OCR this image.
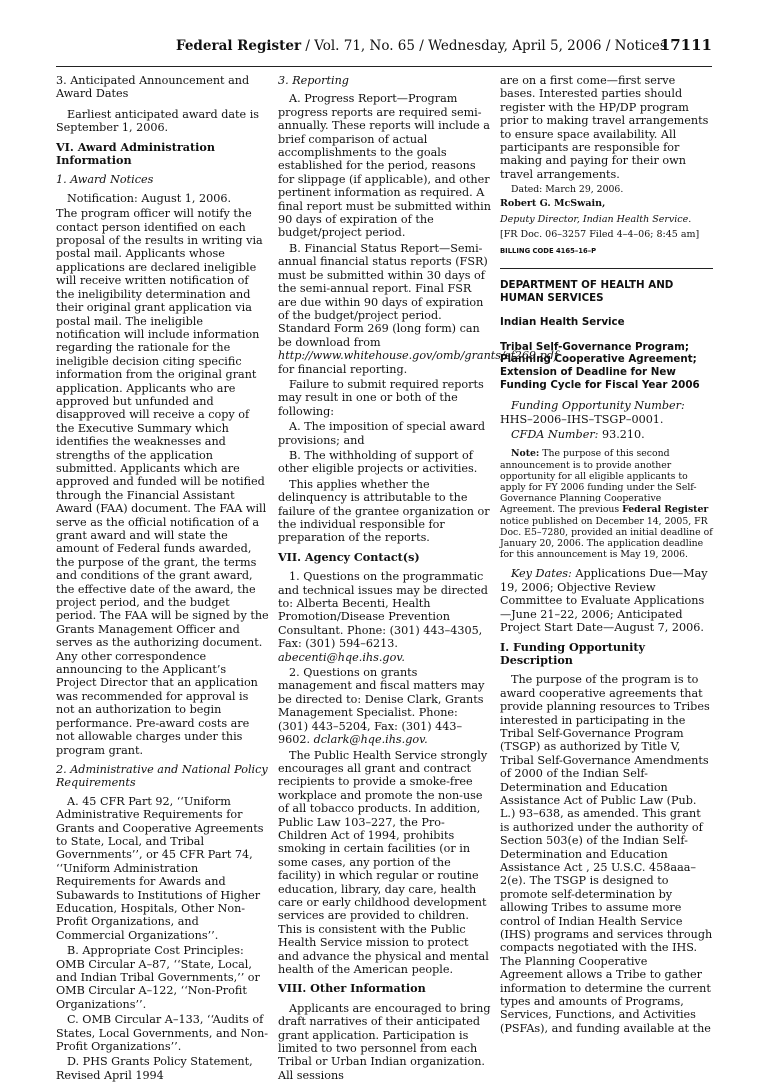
Federal Register / Vol. 71, No. 65 / Wednesday, April 5, 2006 / Notices
17111

3. Anticipated Announcement and Award Dates

Earliest anticipated award date is September 1, 2006.

VI. Award Administration Information

1. Award Notices

Notification: August 1, 2006.

The program officer will notify the contact person identified on each proposal of the results in writing via postal mail. Applicants whose applications are declared ineligible will receive written notification of the ineligibility determination and their original grant application via postal mail. The ineligible notification will include information regarding the rationale for the ineligible decision citing specific information from the original grant application. Applicants who are approved but unfunded and disapproved will receive a copy of the Executive Summary which identifies the weaknesses and strengths of the application submitted. Applicants which are approved and funded will be notified through the Financial Assistant Award (FAA) document. The FAA will serve as the official notification of a grant award and will state the amount of Federal funds awarded, the purpose of the grant, the terms and conditions of the grant award, the effective date of the award, the project period, and the budget period. The FAA will be signed by the Grants Management Officer and serves as the authorizing document. Any other correspondence announcing to the Applicant’s Project Director that an application was recommended for approval is not an authorization to begin performance. Pre-award costs are not allowable charges under this program grant.

2. Administrative and National Policy Requirements

A. 45 CFR Part 92, ‘‘Uniform Administrative Requirements for Grants and Cooperative Agreements to State, Local, and Tribal Governments’’, or 45 CFR Part 74, ‘‘Uniform Administration Requirements for Awards and Subawards to Institutions of Higher Education, Hospitals, Other Non-Profit Organizations, and Commercial Organizations’’.

B. Appropriate Cost Principles: OMB Circular A–87, ‘‘State, Local, and Indian Tribal Governments,’’ or OMB Circular A–122, ‘‘Non-Profit Organizations’’.

C. OMB Circular A–133, ‘‘Audits of States, Local Governments, and Non-Profit Organizations’’.

D. PHS Grants Policy Statement, Revised April 1994

3. Reporting

A. Progress Report—Program progress reports are required semi-annually. These reports will include a brief comparison of actual accomplishments to the goals established for the period, reasons for slippage (if applicable), and other pertinent information as required. A final report must be submitted within 90 days of expiration of the budget/project period.

B. Financial Status Report—Semi-annual financial status reports (FSR) must be submitted within 30 days of the semi-annual report. Final FSR are due within 90 days of expiration of the budget/project period. Standard Form 269 (long form) can be download from http://www.whitehouse.gov/omb/grants/sf269.pdf for financial reporting.

Failure to submit required reports may result in one or both of the following:

A. The imposition of special award provisions; and

B. The withholding of support of other eligible projects or activities.

This applies whether the delinquency is attributable to the failure of the grantee organization or the individual responsible for preparation of the reports.

VII. Agency Contact(s)

1. Questions on the programmatic and technical issues may be directed to: Alberta Becenti, Health Promotion/Disease Prevention Consultant. Phone: (301) 443–4305, Fax: (301) 594–6213. abecenti@hqe.ihs.gov.

2. Questions on grants management and fiscal matters may be directed to: Denise Clark, Grants Management Specialist. Phone: (301) 443–5204, Fax: (301) 443–9602. dclark@hqe.ihs.gov.

The Public Health Service strongly encourages all grant and contract recipients to provide a smoke-free workplace and promote the non-use of all tobacco products. In addition, Public Law 103–227, the Pro-Children Act of 1994, prohibits smoking in certain facilities (or in some cases, any portion of the facility) in which regular or routine education, library, day care, health care or early childhood development services are provided to children. This is consistent with the Public Health Service mission to protect and advance the physical and mental health of the American people.

VIII. Other Information

Applicants are encouraged to bring draft narratives of their anticipated grant application. Participation is limited to two personnel from each Tribal or Urban Indian organization. All sessions

are on a first come—first serve bases. Interested parties should register with the HP/DP program prior to making travel arrangements to ensure space availability. All participants are responsible for making and paying for their own travel arrangements.

Dated: March 29, 2006.

Robert G. McSwain,

Deputy Director, Indian Health Service.

[FR Doc. 06–3257 Filed 4–4–06; 8:45 am]

BILLING CODE 4165–16–P

DEPARTMENT OF HEALTH AND HUMAN SERVICES

Indian Health Service

Tribal Self-Governance Program; Planning Cooperative Agreement; Extension of Deadline for New Funding Cycle for Fiscal Year 2006

Funding Opportunity Number: HHS–2006–IHS–TSGP–0001.

CFDA Number: 93.210.

Note: The purpose of this second announcement is to provide another opportunity for all eligible applicants to apply for FY 2006 funding under the Self-Governance Planning Cooperative Agreement. The previous Federal Register notice published on December 14, 2005, FR Doc. E5–7280, provided an initial deadline of January 20, 2006. The application deadline for this announcement is May 19, 2006.

Key Dates: Applications Due—May 19, 2006; Objective Review Committee to Evaluate Applications—June 21–22, 2006; Anticipated Project Start Date—August 7, 2006.

I. Funding Opportunity Description

The purpose of the program is to award cooperative agreements that provide planning resources to Tribes interested in participating in the Tribal Self-Governance Program (TSGP) as authorized by Title V, Tribal Self-Governance Amendments of 2000 of the Indian Self-Determination and Education Assistance Act of Public Law (Pub. L.) 93–638, as amended. This grant is authorized under the authority of Section 503(e) of the Indian Self-Determination and Education Assistance Act , 25 U.S.C. 458aaa–2(e). The TSGP is designed to promote self-determination by allowing Tribes to assume more control of Indian Health Service (IHS) programs and services through compacts negotiated with the IHS. The Planning Cooperative Agreement allows a Tribe to gather information to determine the current types and amounts of Programs, Services, Functions, and Activities (PSFAs), and funding available at the
